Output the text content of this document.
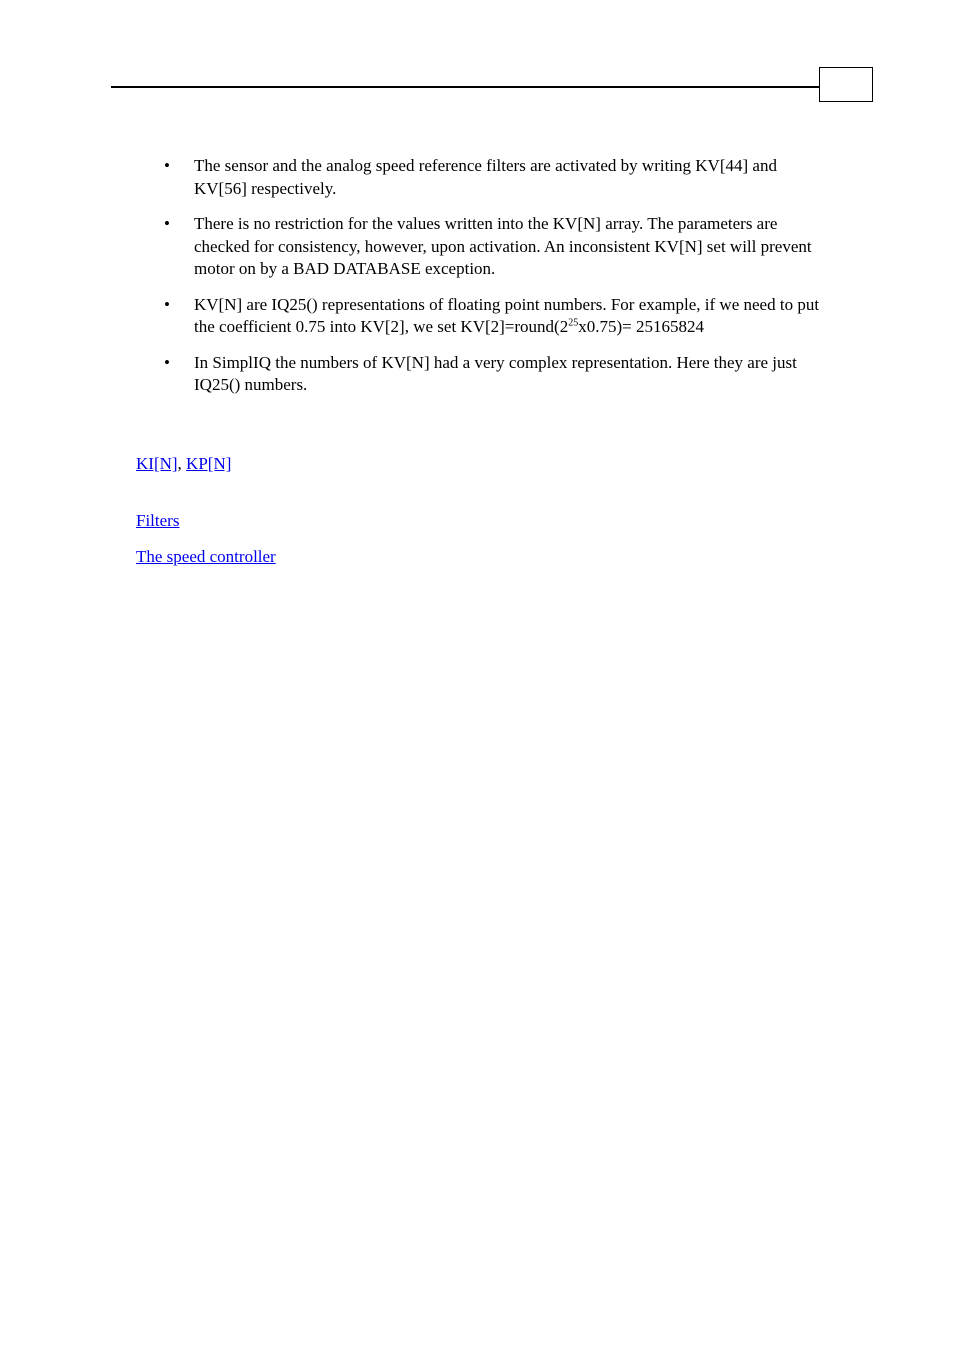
• The sensor and the analog speed reference filters are activated by writing KV[44] and KV[56] respectively.
• There is no restriction for the values written into the KV[N] array. The parameters are checked for consistency, however, upon activation. An inconsistent KV[N] set will prevent motor on by a BAD DATABASE exception.
• KV[N] are IQ25() representations of floating point numbers. For example, if we need to put the coefficient 0.75 into KV[2], we set $KV[2]=round(2^{25}x0.75)= 25165824$
• In SimplIQ the numbers of KV[N] had a very complex representation. Here they are just IQ25() numbers.
KI[N], KP[N]
Filters
The speed controller
